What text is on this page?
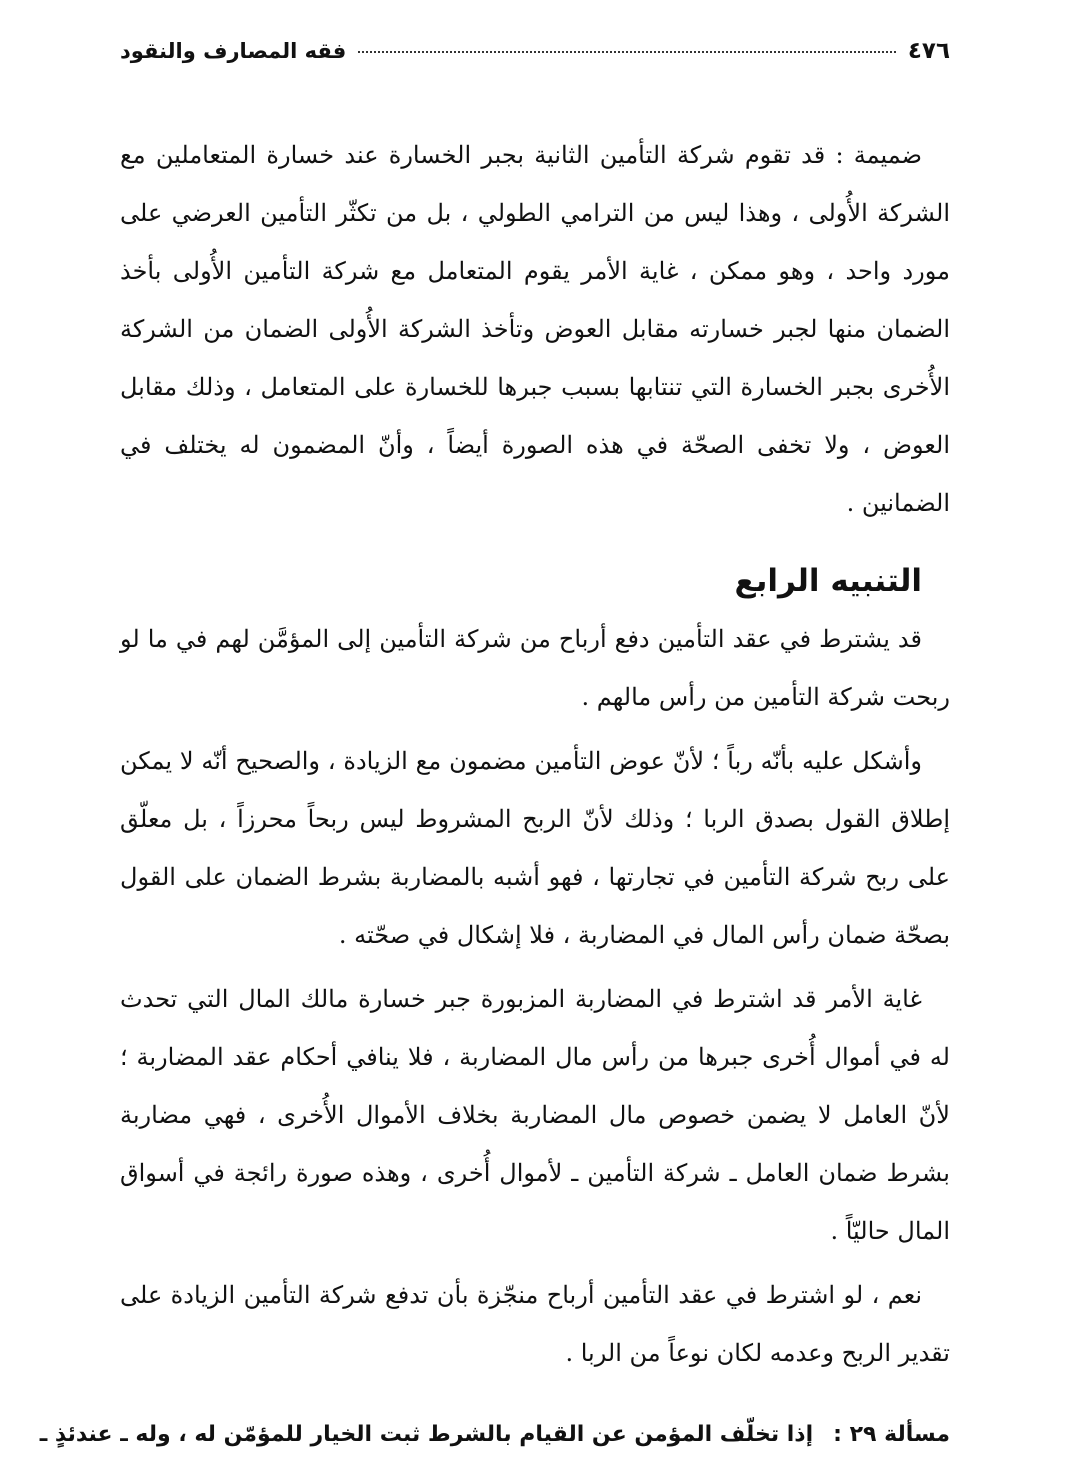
٤٧٦
فقه المصارف والنقود

ضميمة : قد تقوم شركة التأمين الثانية بجبر الخسارة عند خسارة المتعاملين مع الشركة الأُولى ، وهذا ليس من الترامي الطولي ، بل من تكثّر التأمين العرضي على مورد واحد ، وهو ممكن ، غاية الأمر يقوم المتعامل مع شركة التأمين الأُولى بأخذ الضمان منها لجبر خسارته مقابل العوض وتأخذ الشركة الأُولى الضمان من الشركة الأُخرى بجبر الخسارة التي تنتابها بسبب جبرها للخسارة على المتعامل ، وذلك مقابل العوض ، ولا تخفى الصحّة في هذه الصورة أيضاً ، وأنّ المضمون له يختلف في الضمانين .

التنبيه الرابع

قد يشترط في عقد التأمين دفع أرباح من شركة التأمين إلى المؤمَّن لهم في ما لو ربحت شركة التأمين من رأس مالهم .

وأشكل عليه بأنّه رباً ؛ لأنّ عوض التأمين مضمون مع الزيادة ، والصحيح أنّه لا يمكن إطلاق القول بصدق الربا ؛ وذلك لأنّ الربح المشروط ليس ربحاً محرزاً ، بل معلّق على ربح شركة التأمين في تجارتها ، فهو أشبه بالمضاربة بشرط الضمان على القول بصحّة ضمان رأس المال في المضاربة ، فلا إشكال في صحّته .

غاية الأمر قد اشترط في المضاربة المزبورة جبر خسارة مالك المال التي تحدث له في أموال أُخرى جبرها من رأس مال المضاربة ، فلا ينافي أحكام عقد المضاربة ؛ لأنّ العامل لا يضمن خصوص مال المضاربة بخلاف الأموال الأُخرى ، فهي مضاربة بشرط ضمان العامل ـ شركة التأمين ـ لأموال أُخرى ، وهذه صورة رائجة في أسواق المال حاليّاً .

نعم ، لو اشترط في عقد التأمين أرباح منجّزة بأن تدفع شركة التأمين الزيادة على تقدير الربح وعدمه لكان نوعاً من الربا .

مسألة ٢٩ :إذا تخلّف المؤمن عن القيام بالشرط ثبت الخيار للمؤمّن له ، وله ـ عندئذٍ ـ
